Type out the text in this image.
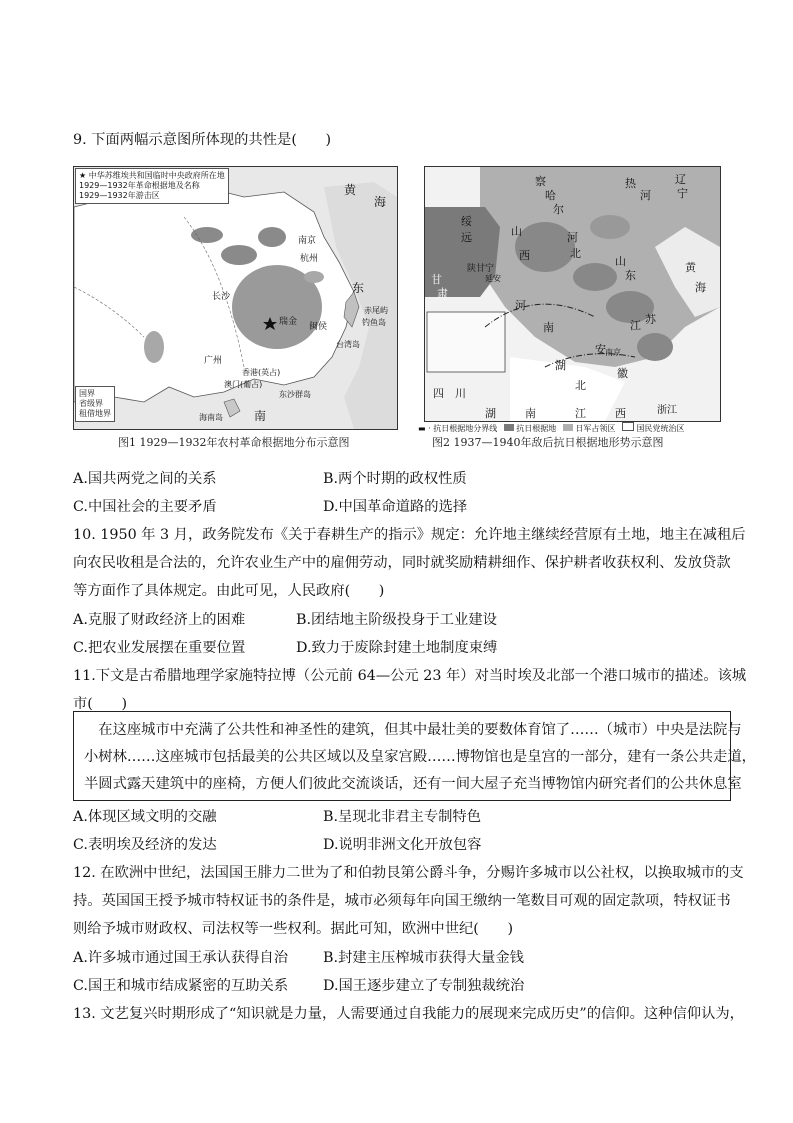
9. 下面两幅示意图所体现的共性是(　　)
★ 中华苏维埃共和国临时中央政府所在地
1929—1932年革命根据地及名称
1929—1932年游击区
国界
省级界
租借地界
黄
海
南京
杭州
长沙
瑞金
广州
东
闽侯
台湾岛
赤尾屿
钓鱼岛
澳门(葡占)
香港(英占)
东沙群岛
海南岛	南
图1 1929—1932年农村革命根据地分布示意图
热
河
辽
宁
察
哈
尔
绥
远
陕甘宁
延安
甘
肃
山
西
河
北
山
东
黄
海
河
南	江 苏
安
徽
南京
湖
北
浙江
四 川
湖	南	江	西
▬ · 抗日根据地分界线 抗日根据地 日军占领区	国民党统治区
图2 1937—1940年敌后抗日根据地形势示意图
A.国共两党之间的关系	B.两个时期的政权性质
C.中国社会的主要矛盾	D.中国革命道路的选择
10. 1950 年 3 月，政务院发布《关于春耕生产的指示》规定：允许地主继续经营原有土地，地主在减租后
向农民收租是合法的，允许农业生产中的雇佣劳动，同时就奖励精耕细作、保护耕者收获权利、发放贷款
等方面作了具体规定。由此可见，人民政府(　　)
A.克服了财政经济上的困难	B.团结地主阶级投身于工业建设
C.把农业发展摆在重要位置	D.致力于废除封建土地制度束缚
11.下文是古希腊地理学家施特拉博（公元前 64—公元 23 年）对当时埃及北部一个港口城市的描述。该城
市(　　)
　在这座城市中充满了公共性和神圣性的建筑，但其中最壮美的要数体育馆了……（城市）中央是法院与
小树林……这座城市包括最美的公共区域以及皇家宫殿……博物馆也是皇宫的一部分，建有一条公共走道，
半圆式露天建筑中的座椅，方便人们彼此交流谈话，还有一间大屋子充当博物馆内研究者们的公共休息室
A.体现区域文明的交融	B.呈现北非君主专制特色
C.表明埃及经济的发达	D.说明非洲文化开放包容
12. 在欧洲中世纪，法国国王腓力二世为了和伯勃艮第公爵斗争，分赐许多城市以公社权，以换取城市的支
持。英国国王授予城市特权证书的条件是，城市必须每年向国王缴纳一笔数目可观的固定款项，特权证书
则给予城市财政权、司法权等一些权利。据此可知，欧洲中世纪(　　)
A.许多城市通过国王承认获得自治 B.封建主压榨城市获得大量金钱
C.国王和城市结成紧密的互助关系 D.国王逐步建立了专制独裁统治
13. 文艺复兴时期形成了“知识就是力量，人需要通过自我能力的展现来完成历史”的信仰。这种信仰认为，
